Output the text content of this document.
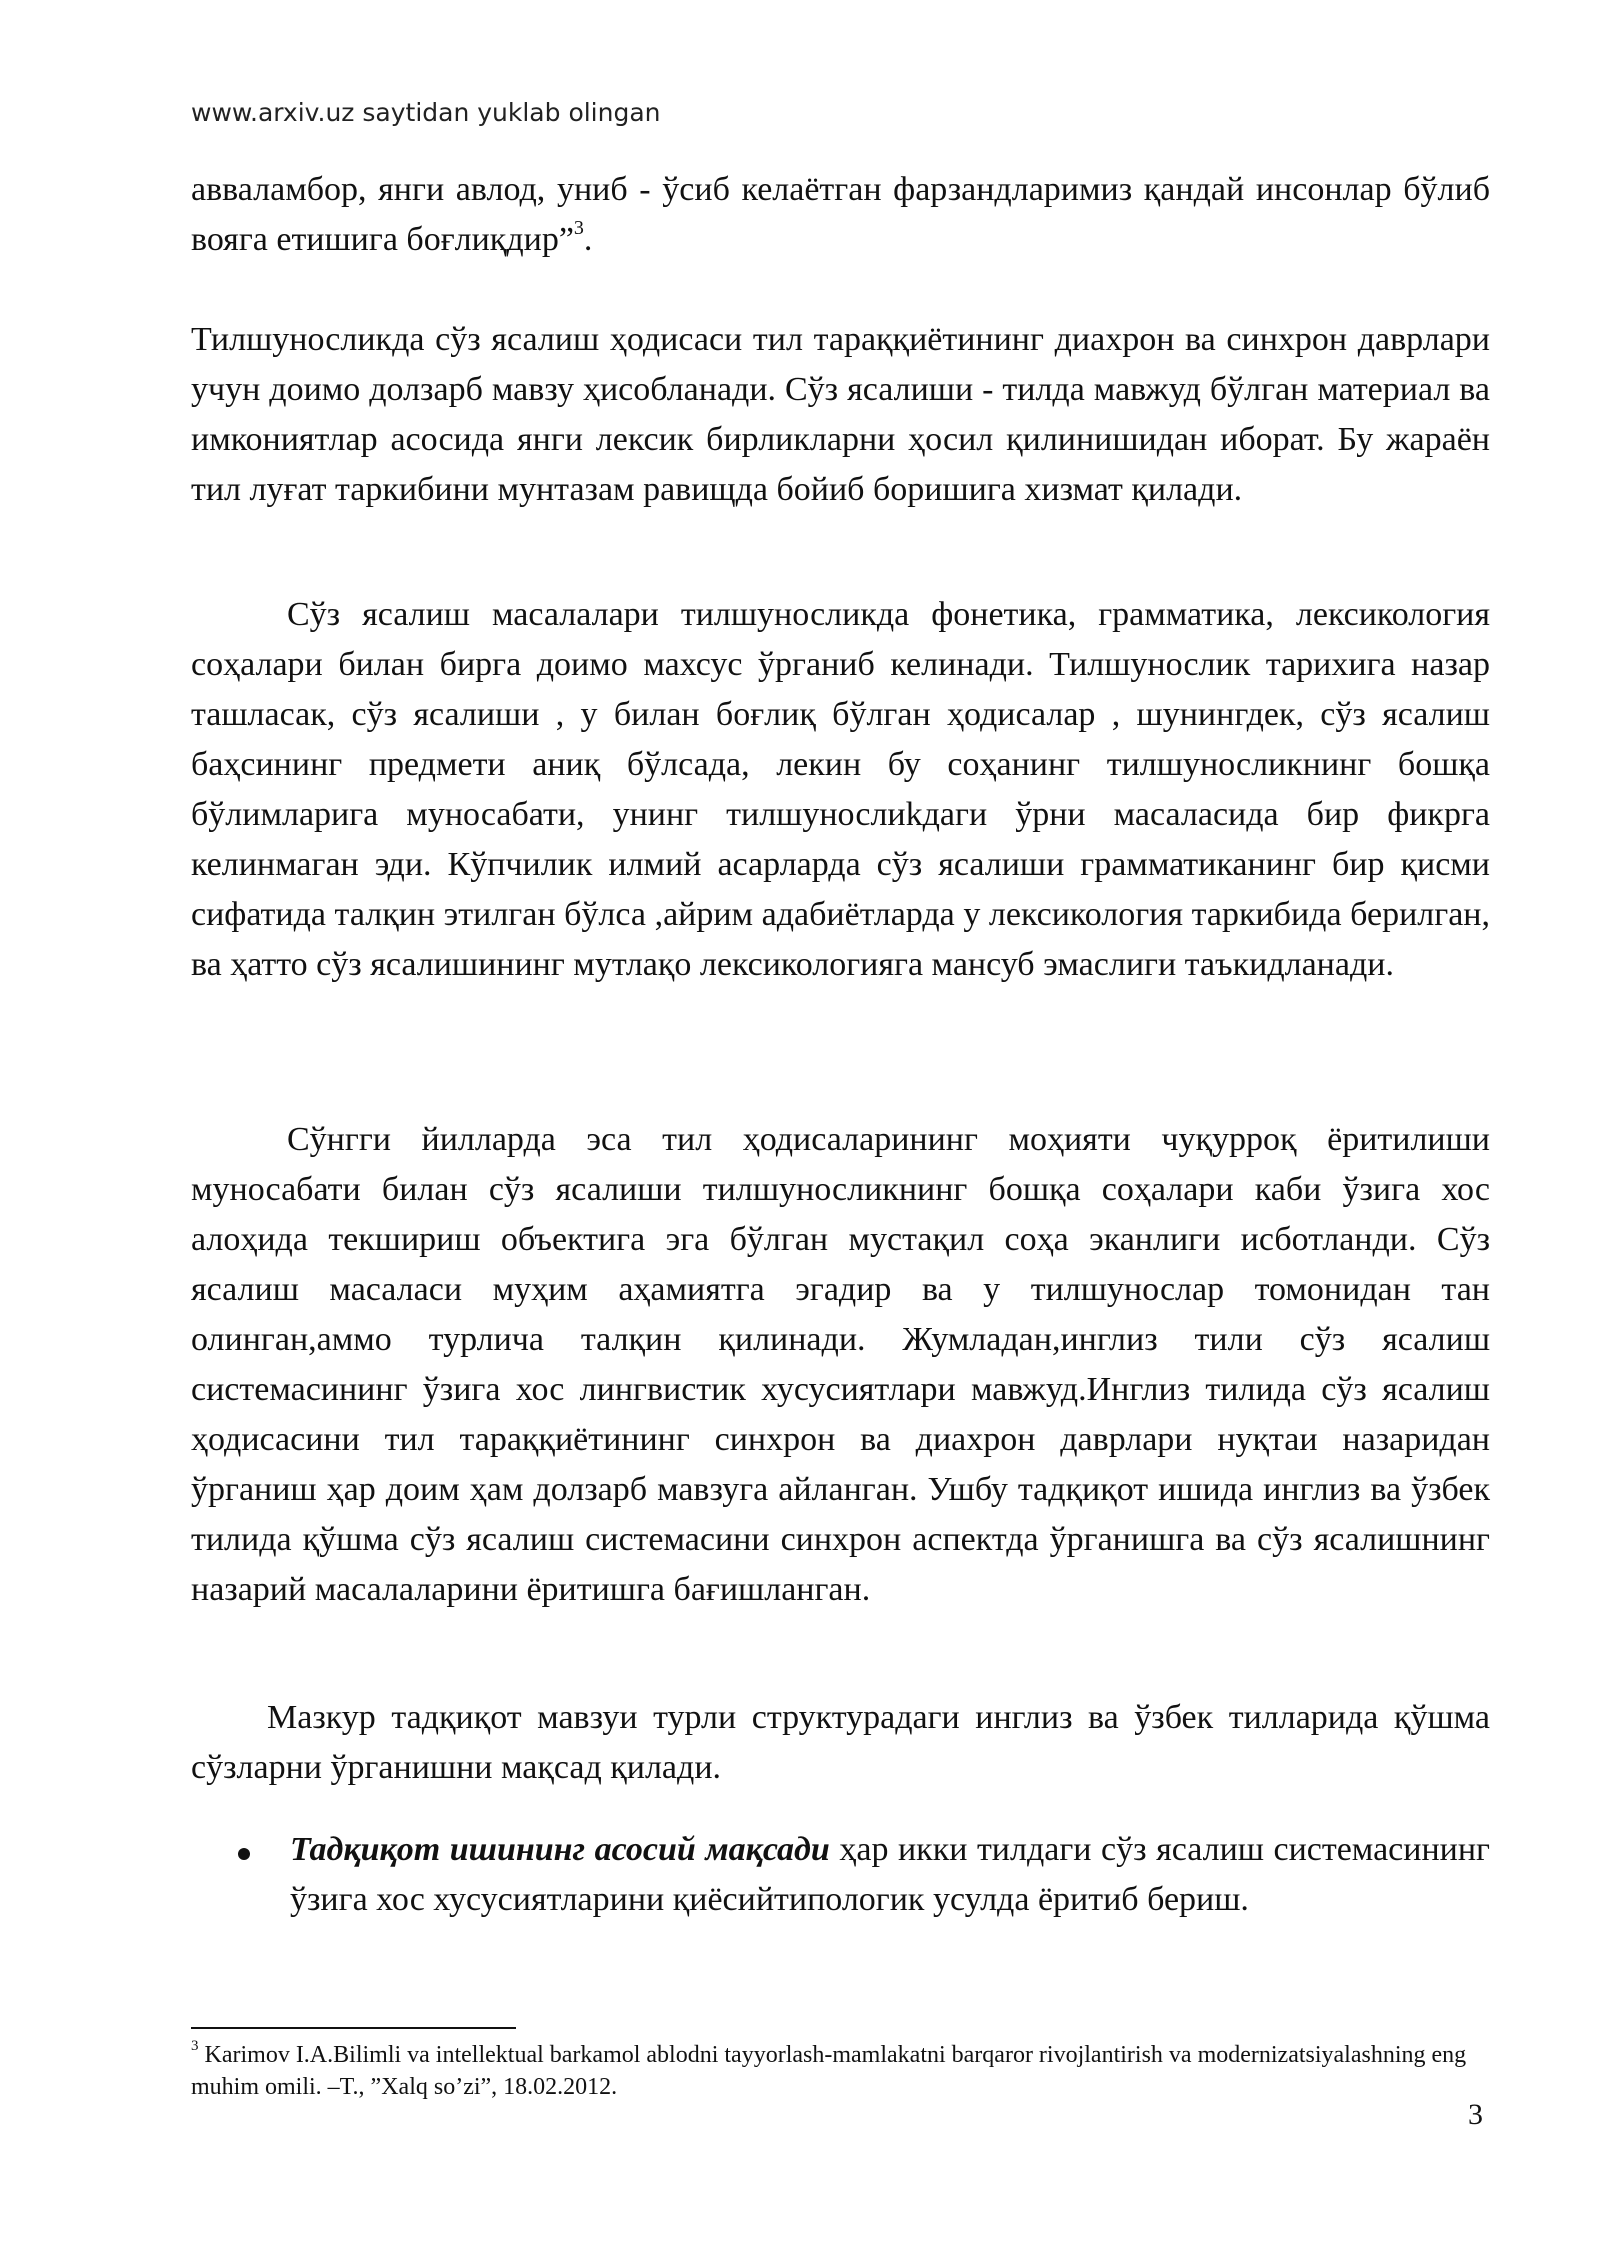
www.arxiv.uz saytidan yuklab olingan

авваламбор, янги авлод, униб - ўсиб келаётган фарзандларимиз қандай инсонлар бўлиб вояга етишига боғлиқдир”$^3$.

Тилшуносликда сўз ясалиш ҳодисаси тил тараққиётининг диахрон ва синхрон даврлари учун доимо долзарб мавзу ҳисобланади. Сўз ясалиши - тилда мавжуд бўлган материал ва имкониятлар асосида янги лексик бирликларни ҳосил қилинишидан иборат. Бу жараён тил луғат таркибини мунтазам равищда бойиб боришига хизмат қилади.

Сўз ясалиш масалалари тилшуносликда фонетика, грамматика, лексикология соҳалари билан бирга доимо махсус ўрганиб келинади. Тилшунослик тарихига назар ташласак, сўз ясалиши , у билан боғлиқ бўлган ҳодисалар , шунингдек, сўз ясалиш баҳсининг предмети аниқ бўлсада, лекин бу соҳанинг тилшуносликнинг бошқа бўлимларига муносабати, унинг тилшунослиkдаги ўрни масаласида бир фикрга келинмаган эди. Кўпчилик илмий асарларда сўз ясалиши грамматиканинг бир қисми сифатида талқин этилган бўлса ,айрим адабиётларда у лексикология таркибида берилган, ва ҳатто сўз ясалишининг мутлақо лексикологияга мансуб эмаслиги таъкидланади.

Сўнгги йилларда эса тил ҳодисаларининг моҳияти чуқурроқ ёритилиши муносабати билан сўз ясалиши тилшуносликнинг бошқа соҳалари каби ўзига хос алоҳида текшириш объектига эга бўлган мустақил соҳа эканлиги исботланди. Сўз ясалиш масаласи муҳим аҳамиятга эгадир ва у тилшунослар томонидан тан олинган,аммо турлича талқин қилинади. Жумладан,инглиз тили сўз ясалиш системасининг ўзига хос лингвистик хусусиятлари мавжуд.Инглиз тилида сўз ясалиш ҳодисасини тил тараққиётининг синхрон ва диахрон даврлари нуқтаи назаридан ўрганиш ҳар доим ҳам долзарб мавзуга айланган. Ушбу тадқиқот ишида инглиз ва ўзбек тилида қўшма сўз ясалиш системасини синхрон аспектда ўрганишга ва сўз ясалишнинг назарий масалаларини ёритишга бағишланган.

Мазкур тадқиқот мавзуи турли структурадаги инглиз ва ўзбек тилларида қўшма сўзларни ўрганишни мақсад қилади.

Тадқиқот ишининг асосий мақсади ҳар икки тилдаги сўз ясалиш системасининг ўзига хос хусусиятларини қиёсийтипологик усулда ёритиб бериш.
$^3$ Karimov I.A.Bilimli va intellektual barkamol ablodni tayyorlash-mamlakatni barqaror rivojlantirish va modernizatsiyalashning eng muhim omili. –T., ”Xalq so’zi”, 18.02.2012.
3
